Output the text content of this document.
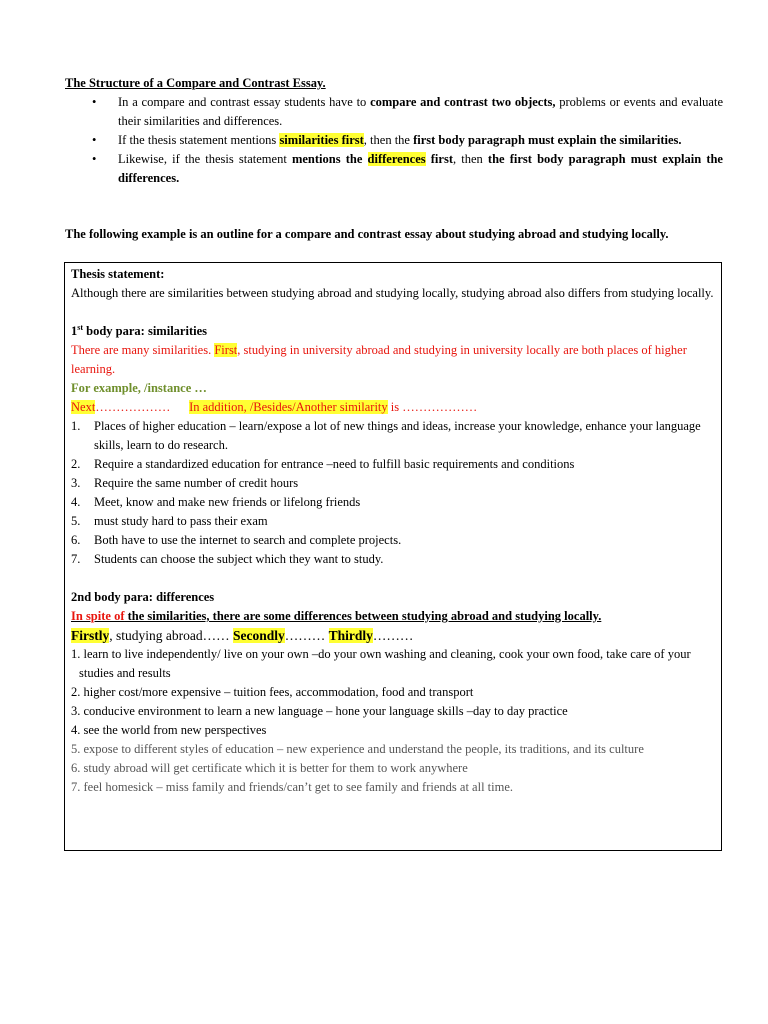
The Structure of a Compare and Contrast Essay.
• In a compare and contrast essay students have to compare and contrast two objects, problems or events and evaluate their similarities and differences.
• If the thesis statement mentions similarities first, then the first body paragraph must explain the similarities.
• Likewise, if the thesis statement mentions the differences first, then the first body paragraph must explain the differences.
The following example is an outline for a compare and contrast essay about studying abroad and studying locally.

Thesis statement:

Although there are similarities between studying abroad and studying locally, studying abroad also differs from studying locally.

1st body para: similarities

There are many similarities. First, studying in university abroad and studying in university locally are both places of higher learning.

For example, /instance …

Next……………… In addition, /Besides/Another similarity is ………………

1. Places of higher education – learn/expose a lot of new things and ideas, increase your knowledge, enhance your language skills, learn to do research.
2. Require a standardized education for entrance –need to fulfill basic requirements and conditions
3. Require the same number of credit hours
4. Meet, know and make new friends or lifelong friends
5. must study hard to pass their exam
6. Both have to use the internet to search and complete projects.
7. Students can choose the subject which they want to study.

2nd body para: differences

In spite of the similarities, there are some differences between studying abroad and studying locally.

Firstly, studying abroad…… Secondly……… Thirdly………

1. learn to live independently/ live on your own –do your own washing and cleaning, cook your own food, take care of your studies and results
2. higher cost/more expensive – tuition fees, accommodation, food and transport
3. conducive environment to learn a new language – hone your language skills –day to day practice
4. see the world from new perspectives
5. expose to different styles of education – new experience and understand the people, its traditions, and its culture
6. study abroad will get certificate which it is better for them to work anywhere
7. feel homesick – miss family and friends/can’t get to see family and friends at all time.
